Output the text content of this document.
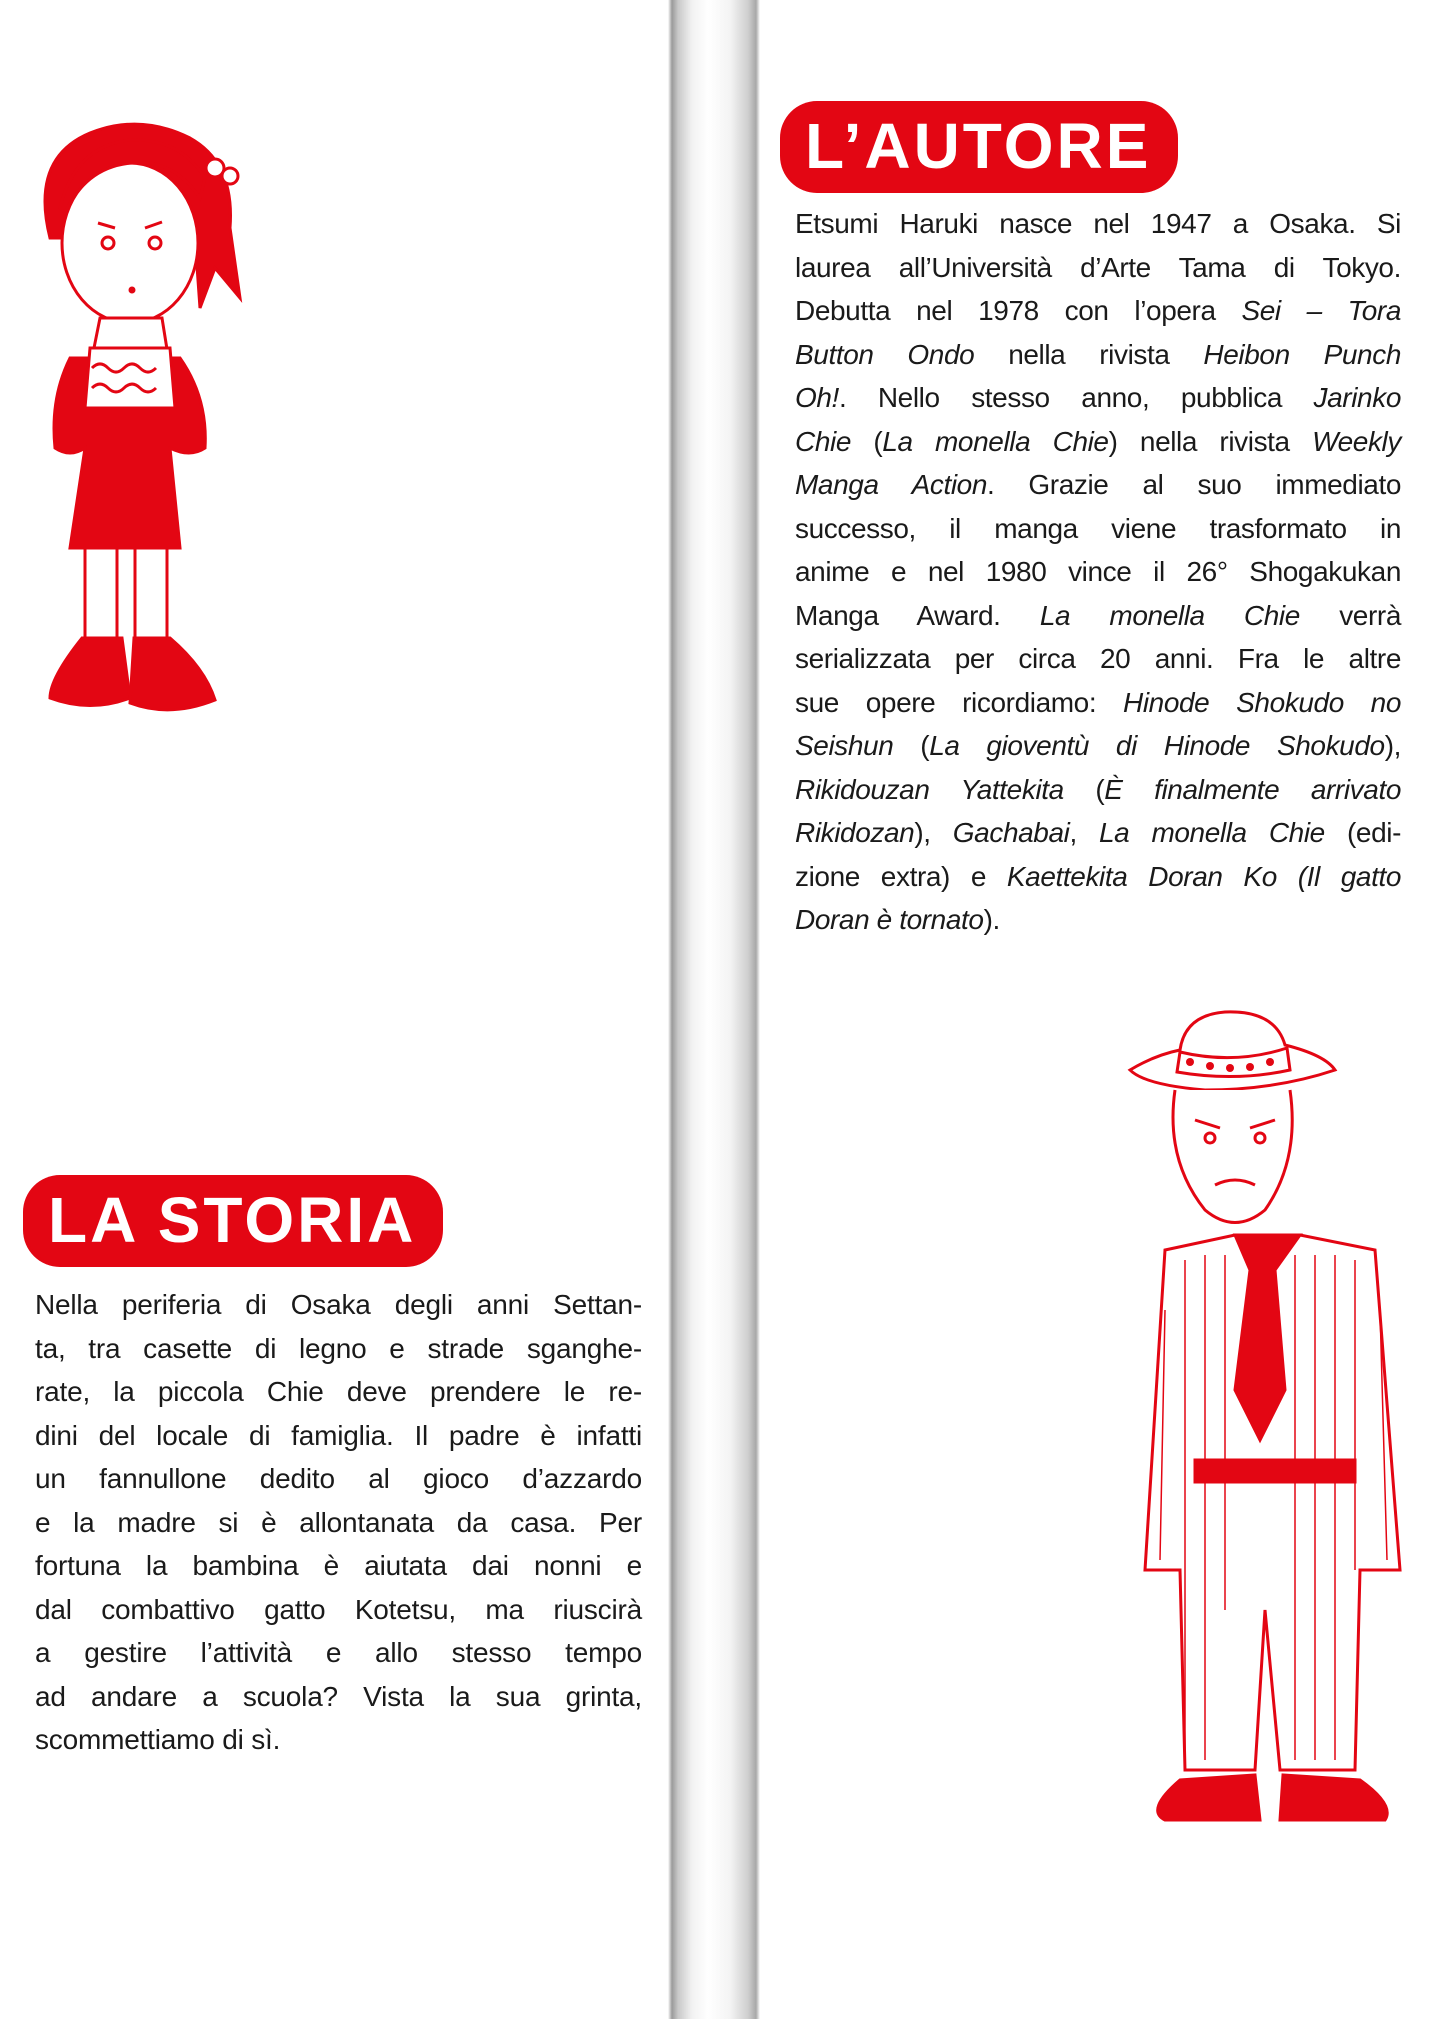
L’AUTORE
Etsumi Haruki nasce nel 1947 a Osaka. Si
laurea all’Università d’Arte Tama di Tokyo.
Debutta nel 1978 con l’opera Sei – Tora
Button Ondo nella rivista Heibon Punch
Oh!. Nello stesso anno, pubblica Jarinko
Chie (La monella Chie) nella rivista Weekly
Manga Action. Grazie al suo immediato
successo, il manga viene trasformato in
anime e nel 1980 vince il 26° Shogakukan
Manga Award. La monella Chie verrà
serializzata per circa 20 anni. Fra le altre
sue opere ricordiamo: Hinode Shokudo no
Seishun (La gioventù di Hinode Shokudo),
Rikidouzan Yattekita (È finalmente arrivato
Rikidozan), Gachabai, La monella Chie (edi-
zione extra) e Kaettekita Doran Ko (Il gatto
Doran è tornato).
LA STORIA
Nella periferia di Osaka degli anni Settan-
ta, tra casette di legno e strade sganghe-
rate, la piccola Chie deve prendere le re-
dini del locale di famiglia. Il padre è infatti
un fannullone dedito al gioco d’azzardo
e la madre si è allontanata da casa. Per
fortuna la bambina è aiutata dai nonni e
dal combattivo gatto Kotetsu, ma riuscirà
a gestire l’attività e allo stesso tempo
ad andare a scuola? Vista la sua grinta,
scommettiamo di sì.
